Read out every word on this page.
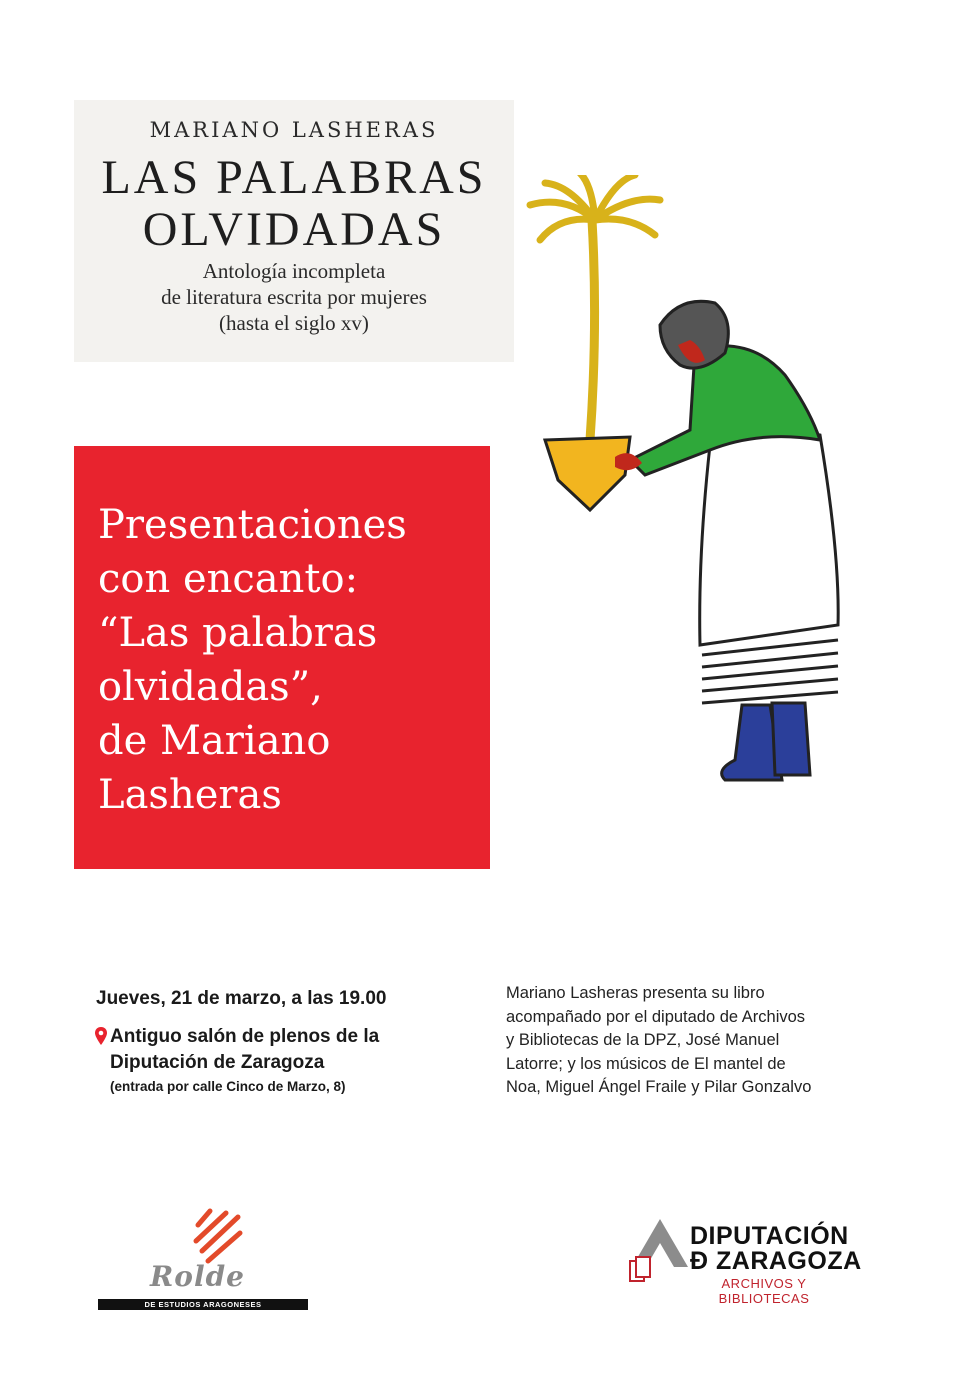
MARIANO LASHERAS
LAS PALABRAS
OLVIDADAS
Antología incompleta
de literatura escrita por mujeres
(hasta el siglo xv)
Presentaciones
con encanto:
“Las palabras
olvidadas”,
de Mariano
Lasheras
Jueves, 21 de marzo, a las 19.00
Antiguo salón de plenos de la
Diputación de Zaragoza
(entrada por calle Cinco de Marzo, 8)
Mariano Lasheras presenta su libro
acompañado por el diputado de Archivos
y Bibliotecas de la DPZ, José Manuel
Latorre; y los músicos de El mantel de
Noa, Miguel Ángel Fraile y Pilar Gonzalvo
Rolde
DE ESTUDIOS ARAGONESES
DIPUTACIÓN
Ð ZARAGOZA
ARCHIVOS Y
BIBLIOTECAS
